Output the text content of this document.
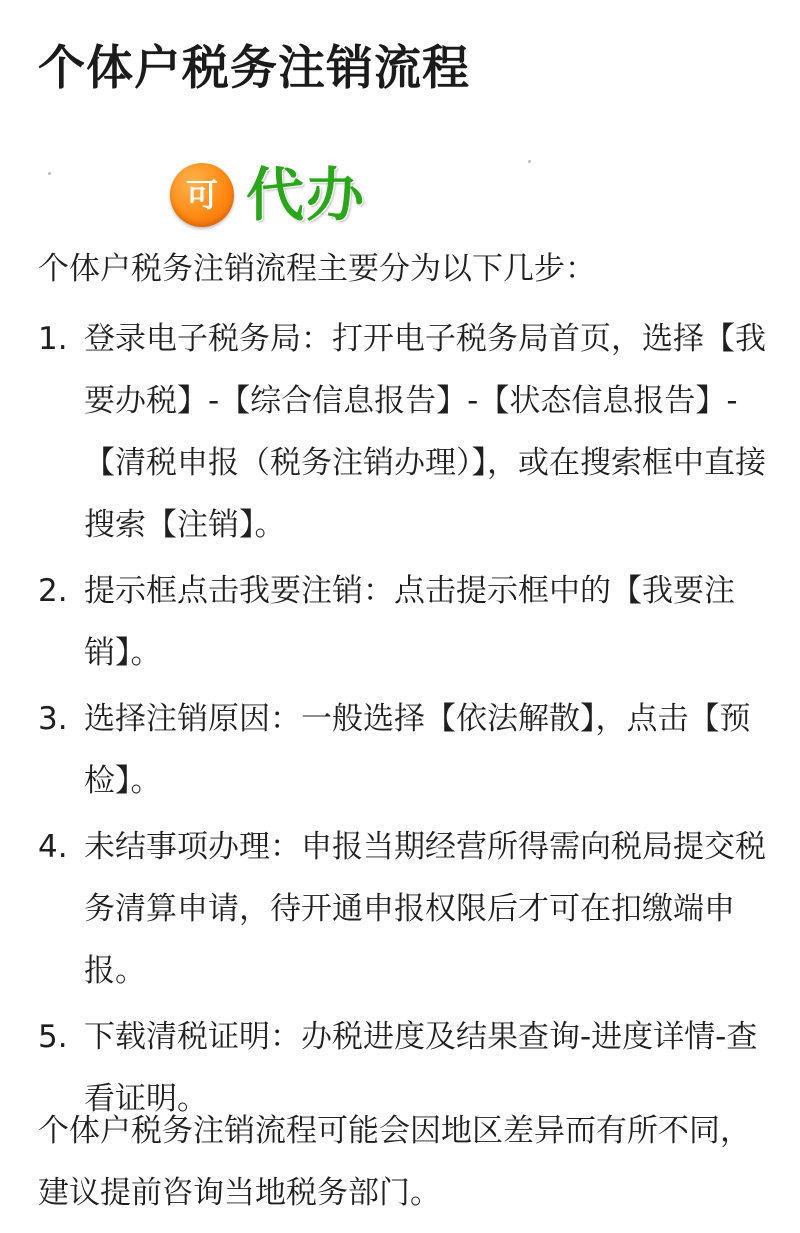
个体户税务注销流程
可 代办
个体户税务注销流程主要分为以下几步：
1. 登录电子税务局：打开电子税务局首页，选择【我要办税】-【综合信息报告】-【状态信息报告】-【清税申报（税务注销办理）】，或在搜索框中直接搜索【注销】。
2. 提示框点击我要注销：点击提示框中的【我要注销】。
3. 选择注销原因：一般选择【依法解散】，点击【预检】。
4. 未结事项办理：申报当期经营所得需向税局提交税务清算申请，待开通申报权限后才可在扣缴端申报。
5. 下载清税证明：办税进度及结果查询-进度详情-查看证明。
个体户税务注销流程可能会因地区差异而有所不同，建议提前咨询当地税务部门。
